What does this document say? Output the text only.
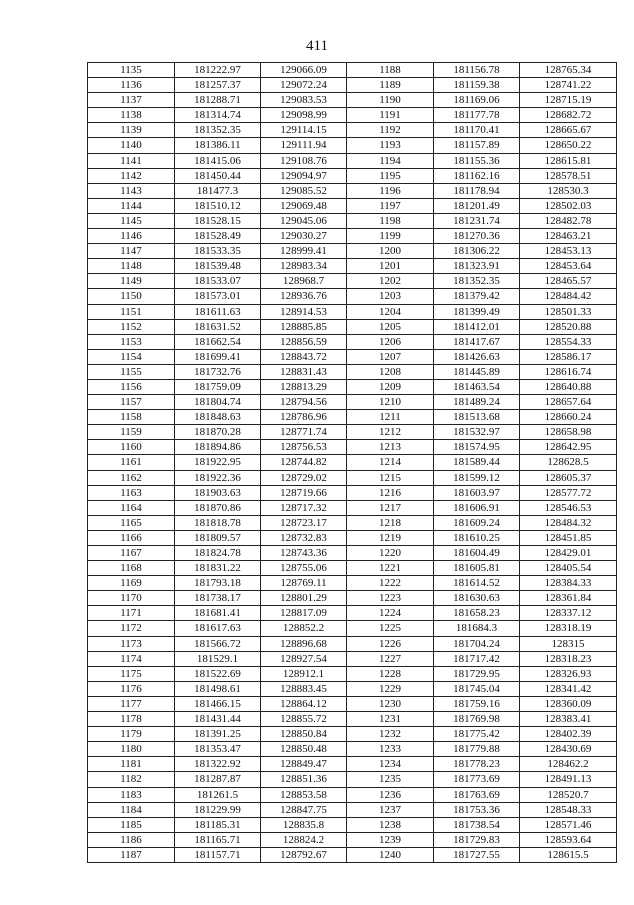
411
1135	181222.97	129066.09	1188	181156.78	128765.34
1136	181257.37	129072.24	1189	181159.38	128741.22
1137	181288.71	129083.53	1190	181169.06	128715.19
1138	181314.74	129098.99	1191	181177.78	128682.72
1139	181352.35	129114.15	1192	181170.41	128665.67
1140	181386.11	129111.94	1193	181157.89	128650.22
1141	181415.06	129108.76	1194	181155.36	128615.81
1142	181450.44	129094.97	1195	181162.16	128578.51
1143	181477.3	129085.52	1196	181178.94	128530.3
1144	181510.12	129069.48	1197	181201.49	128502.03
1145	181528.15	129045.06	1198	181231.74	128482.78
1146	181528.49	129030.27	1199	181270.36	128463.21
1147	181533.35	128999.41	1200	181306.22	128453.13
1148	181539.48	128983.34	1201	181323.91	128453.64
1149	181533.07	128968.7	1202	181352.35	128465.57
1150	181573.01	128936.76	1203	181379.42	128484.42
1151	181611.63	128914.53	1204	181399.49	128501.33
1152	181631.52	128885.85	1205	181412.01	128520.88
1153	181662.54	128856.59	1206	181417.67	128554.33
1154	181699.41	128843.72	1207	181426.63	128586.17
1155	181732.76	128831.43	1208	181445.89	128616.74
1156	181759.09	128813.29	1209	181463.54	128640.88
1157	181804.74	128794.56	1210	181489.24	128657.64
1158	181848.63	128786.96	1211	181513.68	128660.24
1159	181870.28	128771.74	1212	181532.97	128658.98
1160	181894.86	128756.53	1213	181574.95	128642.95
1161	181922.95	128744.82	1214	181589.44	128628.5
1162	181922.36	128729.02	1215	181599.12	128605.37
1163	181903.63	128719.66	1216	181603.97	128577.72
1164	181870.86	128717.32	1217	181606.91	128546.53
1165	181818.78	128723.17	1218	181609.24	128484.32
1166	181809.57	128732.83	1219	181610.25	128451.85
1167	181824.78	128743.36	1220	181604.49	128429.01
1168	181831.22	128755.06	1221	181605.81	128405.54
1169	181793.18	128769.11	1222	181614.52	128384.33
1170	181738.17	128801.29	1223	181630.63	128361.84
1171	181681.41	128817.09	1224	181658.23	128337.12
1172	181617.63	128852.2	1225	181684.3	128318.19
1173	181566.72	128896.68	1226	181704.24	128315
1174	181529.1	128927.54	1227	181717.42	128318.23
1175	181522.69	128912.1	1228	181729.95	128326.93
1176	181498.61	128883.45	1229	181745.04	128341.42
1177	181466.15	128864.12	1230	181759.16	128360.09
1178	181431.44	128855.72	1231	181769.98	128383.41
1179	181391.25	128850.84	1232	181775.42	128402.39
1180	181353.47	128850.48	1233	181779.88	128430.69
1181	181322.92	128849.47	1234	181778.23	128462.2
1182	181287.87	128851.36	1235	181773.69	128491.13
1183	181261.5	128853.58	1236	181763.69	128520.7
1184	181229.99	128847.75	1237	181753.36	128548.33
1185	181185.31	128835.8	1238	181738.54	128571.46
1186	181165.71	128824.2	1239	181729.83	128593.64
1187	181157.71	128792.67	1240	181727.55	128615.5
